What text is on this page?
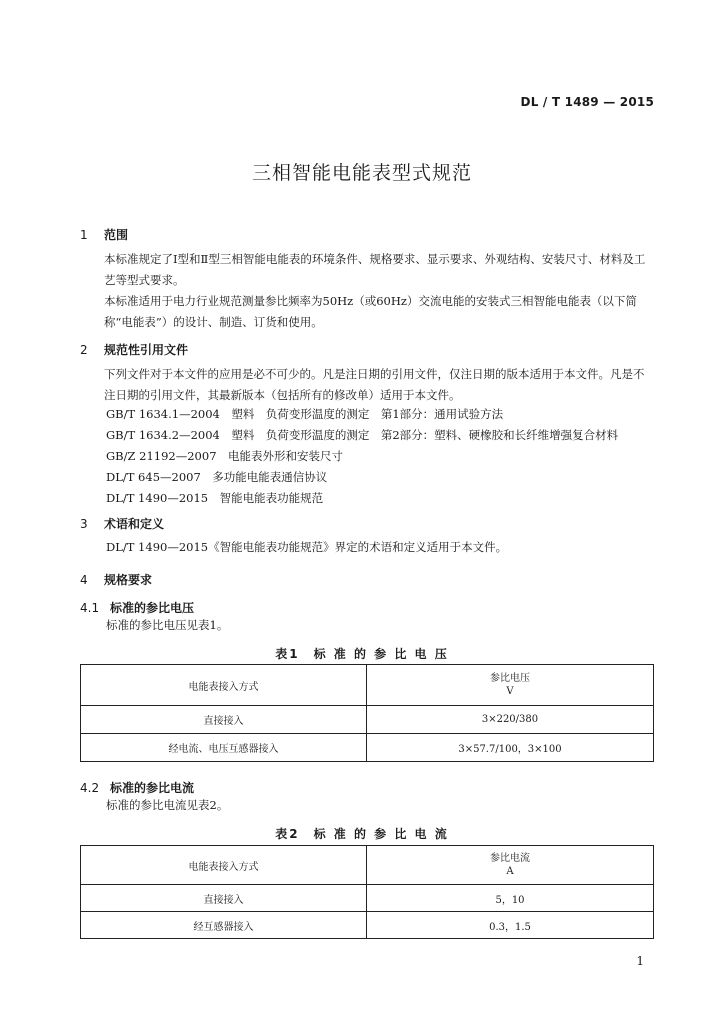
DL / T 1489 — 2015
三相智能电能表型式规范
1 范围
本标准规定了Ⅰ型和Ⅱ型三相智能电能表的环境条件、规格要求、显示要求、外观结构、安装尺寸、材料及工艺等型式要求。
本标准适用于电力行业规范测量参比频率为50Hz（或60Hz）交流电能的安装式三相智能电能表（以下简称“电能表”）的设计、制造、订货和使用。
2 规范性引用文件
下列文件对于本文件的应用是必不可少的。凡是注日期的引用文件，仅注日期的版本适用于本文件。凡是不注日期的引用文件，其最新版本（包括所有的修改单）适用于本文件。
GB/T 1634.1—2004　塑料　负荷变形温度的测定　第1部分：通用试验方法
GB/T 1634.2—2004　塑料　负荷变形温度的测定　第2部分：塑料、硬橡胶和长纤维增强复合材料
GB/Z 21192—2007　电能表外形和安装尺寸
DL/T 645—2007　多功能电能表通信协议
DL/T 1490—2015　智能电能表功能规范
3 术语和定义
DL/T 1490—2015《智能电能表功能规范》界定的术语和定义适用于本文件。
4 规格要求
4.1 标准的参比电压
标准的参比电压见表1。
表1　标 准 的 参 比 电 压
电能表接入方式	参比电压
V

直接接入	3×220/380
经电流、电压互感器接入	3×57.7/100，3×100
4.2 标准的参比电流
标准的参比电流见表2。
表2　标 准 的 参 比 电 流
电能表接入方式	参比电流
A

直接接入	5，10
经互感器接入	0.3，1.5
1
